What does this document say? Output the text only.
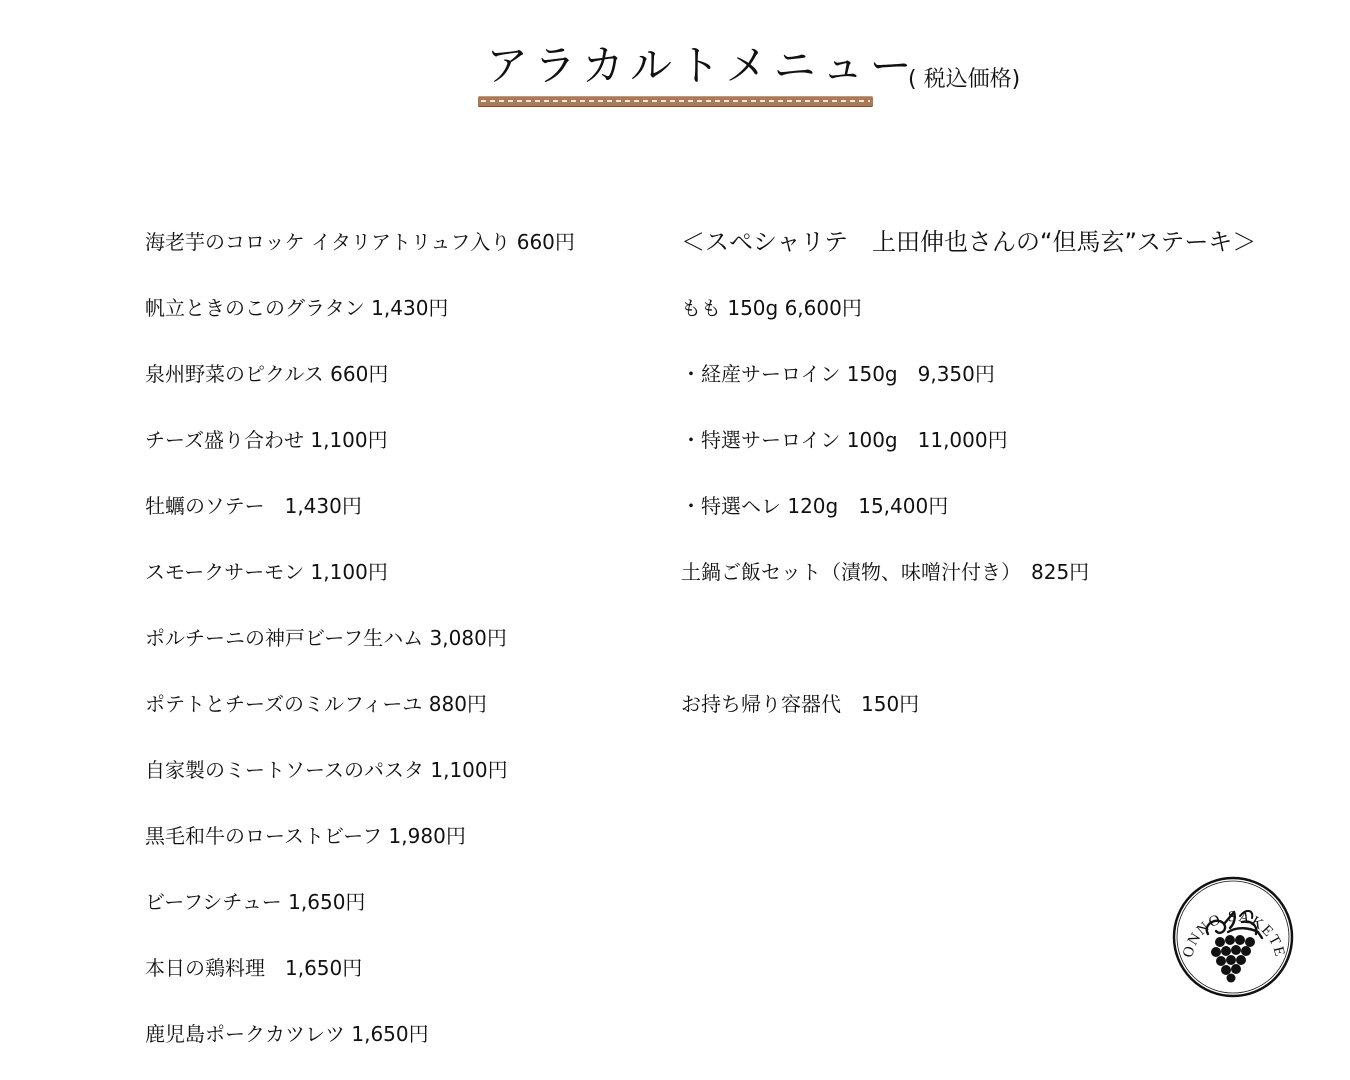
アラカルトメニュー
( 税込価格)
海老芋のコロッケ イタリアトリュフ入り 660円
帆立ときのこのグラタン 1,430円
泉州野菜のピクルス 660円
チーズ盛り合わせ 1,100円
牡蠣のソテー　1,430円
スモークサーモン 1,100円
ポルチーニの神戸ビーフ生ハム 3,080円
ポテトとチーズのミルフィーユ 880円
自家製のミートソースのパスタ 1,100円
黒毛和牛のローストビーフ 1,980円
ビーフシチュー 1,650円
本日の鶏料理　1,650円
鹿児島ポークカツレツ 1,650円
＜スペシャリテ　上田伸也さんの“但馬玄”ステーキ＞
もも 150g 6,600円
・経産サーロイン 150g　9,350円
・特選サーロイン 100g　11,000円
・特選ヘレ 120g　15,400円
土鍋ご飯セット（漬物、味噌汁付き）　825円
お持ち帰り容器代　150円
ONNO SAKETE
